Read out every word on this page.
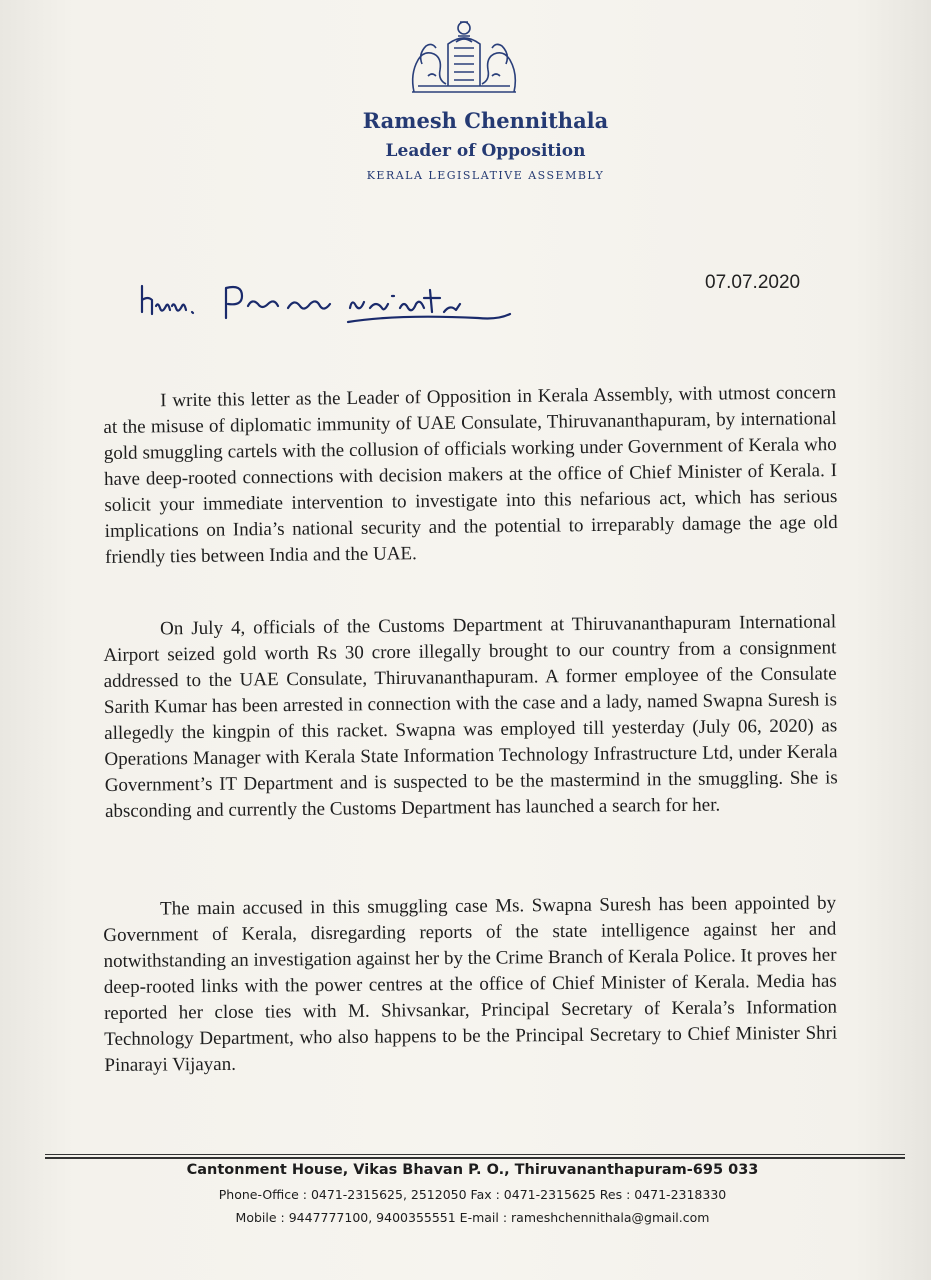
Ramesh Chennithala
Leader of Opposition
KERALA LEGISLATIVE ASSEMBLY
07.07.2020

I write this letter as the Leader of Opposition in Kerala Assembly, with utmost concern at the misuse of diplomatic immunity of UAE Consulate, Thiruvananthapuram, by international gold smuggling cartels with the collusion of officials working under Government of Kerala who have deep-rooted connections with decision makers at the office of Chief Minister of Kerala. I solicit your immediate intervention to investigate into this nefarious act, which has serious implications on India’s national security and the potential to irreparably damage the age old friendly ties between India and the UAE.

On July 4, officials of the Customs Department at Thiruvananthapuram International Airport seized gold worth Rs 30 crore illegally brought to our country from a consignment addressed to the UAE Consulate, Thiruvananthapuram. A former employee of the Consulate Sarith Kumar has been arrested in connection with the case and a lady, named Swapna Suresh is allegedly the kingpin of this racket. Swapna was employed till yesterday (July 06, 2020) as Operations Manager with Kerala State Information Technology Infrastructure Ltd, under Kerala Government’s IT Department and is suspected to be the mastermind in the smuggling. She is absconding and currently the Customs Department has launched a search for her.

The main accused in this smuggling case Ms. Swapna Suresh has been appointed by Government of Kerala, disregarding reports of the state intelligence against her and notwithstanding an investigation against her by the Crime Branch of Kerala Police. It proves her deep-rooted links with the power centres at the office of Chief Minister of Kerala. Media has reported her close ties with M. Shivsankar, Principal Secretary of Kerala’s Information Technology Department, who also happens to be the Principal Secretary to Chief Minister Shri Pinarayi Vijayan.

Cantonment House, Vikas Bhavan P. O., Thiruvananthapuram-695 033
Phone-Office : 0471-2315625, 2512050 Fax : 0471-2315625 Res : 0471-2318330
Mobile : 9447777100, 9400355551 E-mail : rameshchennithala@gmail.com
